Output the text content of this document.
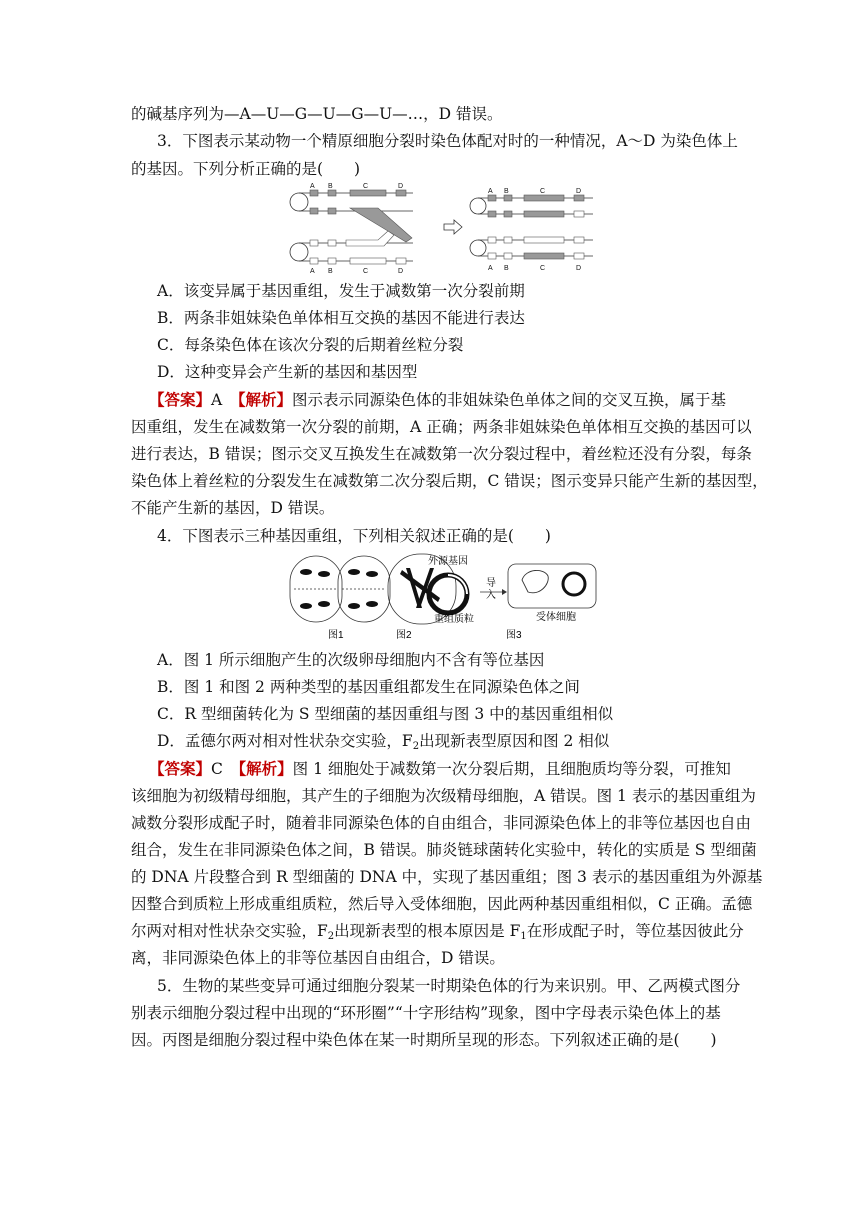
的碱基序列为—A—U—G—U—G—U—…，D 错误。
3．下图表示某动物一个精原细胞分裂时染色体配对时的一种情况，A～D 为染色体上
的基因。下列分析正确的是(　　)
A B	C	D
A B	C	D
A B	C	D
A B	C	D
A．该变异属于基因重组，发生于减数第一次分裂前期
B．两条非姐妹染色单体相互交换的基因不能进行表达
C．每条染色体在该次分裂的后期着丝粒分裂
D．这种变异会产生新的基因和基因型
【答案】A　【解析】图示表示同源染色体的非姐妹染色单体之间的交叉互换，属于基
因重组，发生在减数第一次分裂的前期，A 正确；两条非姐妹染色单体相互交换的基因可以
进行表达，B 错误；图示交叉互换发生在减数第一次分裂过程中，着丝粒还没有分裂，每条
染色体上着丝粒的分裂发生在减数第二次分裂后期，C 错误；图示变异只能产生新的基因型，
不能产生新的基因，D 错误。
4．下图表示三种基因重组，下列相关叙述正确的是(　　)
外源基因
导
入
重组质粒	受体细胞
图1	图2	图3
A．图 1 所示细胞产生的次级卵母细胞内不含有等位基因
B．图 1 和图 2 两种类型的基因重组都发生在同源染色体之间
C．R 型细菌转化为 S 型细菌的基因重组与图 3 中的基因重组相似
D．孟德尔两对相对性状杂交实验，$F_2$出现新表型原因和图 2 相似
【答案】C　【解析】图 1 细胞处于减数第一次分裂后期，且细胞质均等分裂，可推知
该细胞为初级精母细胞，其产生的子细胞为次级精母细胞，A 错误。图 1 表示的基因重组为
减数分裂形成配子时，随着非同源染色体的自由组合，非同源染色体上的非等位基因也自由
组合，发生在非同源染色体之间，B 错误。肺炎链球菌转化实验中，转化的实质是 S 型细菌
的 DNA 片段整合到 R 型细菌的 DNA 中，实现了基因重组；图 3 表示的基因重组为外源基
因整合到质粒上形成重组质粒，然后导入受体细胞，因此两种基因重组相似，C 正确。孟德
尔两对相对性状杂交实验，$F_2$出现新表型的根本原因是 $F_1$在形成配子时，等位基因彼此分
离，非同源染色体上的非等位基因自由组合，D 错误。
5．生物的某些变异可通过细胞分裂某一时期染色体的行为来识别。甲、乙两模式图分
别表示细胞分裂过程中出现的“环形圈”“十字形结构”现象，图中字母表示染色体上的基
因。丙图是细胞分裂过程中染色体在某一时期所呈现的形态。下列叙述正确的是(　　)
